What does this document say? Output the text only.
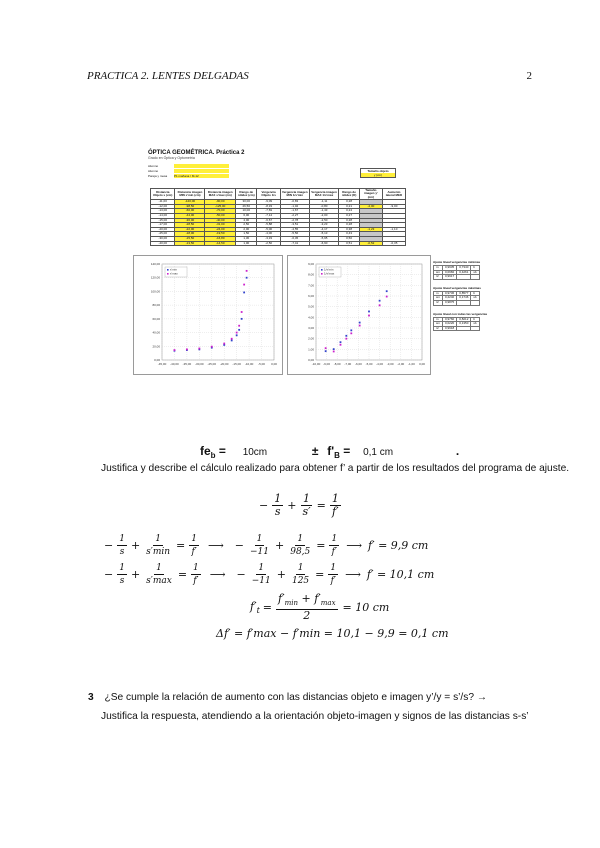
PRACTICA 2. LENTES DELGADAS	2
ÓPTICA GEOMÉTRICA. Práctica 2
Grado en Óptica y Optometría
Alumno
Alumno
Pareja y mesa	P1 mañana / M-12
Tamaño objeto
y (cm)
Distancia Objeto s (cm)	Distancia imagen MIN s'min (cm)	Distancia imagen MAX s'max (cm)	Rango de nitidez (cm)	Vergencia Objeto 1/s	Vergencia imagen MIN 1/s'min	Vergencia imagen MAX 1/s'max	Rango de nitidez (D)	Tamaño imagen y' (cm)	Aumento lateral MED
-11,00	-120,00	-90,00	30,00	-9,09	-0,83	-1,11	0,28		
-12,00	-98,50	-125,00	26,50	-8,33	-1,02	-0,80	0,21	-4,00	-9,00
-13,00	-60,00	-70,00	10,00	-7,69	-1,67	-1,43	0,24		
-14,00	-44,00	-50,00	6,00	-7,14	-2,27	-2,00	0,27		
-15,00	-36,00	-40,00	4,00	-6,67	-2,78	-2,50	0,28		
-17,00	-28,50	-31,00	2,50	-5,88	-3,51	-3,23	0,28		
-20,00	-22,00	-24,00	2,00	-5,00	-4,55	-4,17	0,38	-1,23	-1,10
-25,00	-18,00	-19,50	1,50	-4,00	-5,56	-5,13	0,43		
-30,00	-15,50	-16,80	1,30	-3,33	-6,45	-5,95	0,50		
-40,00	-13,50	-14,50	1,00	-2,50	-7,41	-6,90	0,51	-0,52	-0,35
0,00
20,00
40,00
60,00
80,00
100,00
120,00
140,00
-45,00 -40,00 -35,00 -30,00 -25,00 -20,00 -15,00 -10,00 -5,00 0,00
s'min
s'max
0,00
1,00
2,00
3,00
4,00
5,00
6,00
7,00
8,00
9,00
-10,00 -9,00 -8,00 -7,00 -6,00 -5,00 -4,00 -3,00 -2,00 -1,00 0,00
1/s'min
1/s'max
Ajuste lineal vergencias mínimas
m	0,9935	0,7340	b
sm	0,0982	0,4261	sb
r2	0,9917		
Ajuste lineal vergencias máximas
m	0,9736	0,8577	b
sm	0,2240	0,1746	sb
r2	0,9875		
Ajuste lineal con todas las vergencias
m	0,9760	0,8212	b
sm	0,0220	0,1350	sb
r2	0,9918		
$fe_b = 10cm$	± $f'_B = 0,1$ cm	.
Justifica y describe el cálculo realizado para obtener f’ a partir de los resultados del programa de ajuste.
− $\frac{1}{s} + \frac{1}{s'} = \frac{1}{f'}$
− $\frac{1}{s} + \frac{1}{s'\min} = \frac{1}{f'}$ ⟶ − $\frac{1}{-11} + \frac{1}{98,5} = \frac{1}{f'}$ ⟶ f′ = 9,9 cm
− $\frac{1}{s} + \frac{1}{s'\max} = \frac{1}{f'}$ ⟶ − $\frac{1}{-11} + \frac{1}{125} = \frac{1}{f'}$ ⟶ f′ = 10,1 cm
$f'_t = \frac{f'_{min} + f'_{max}}{2} = 10$ cm
Δf′ = f′max − f′min = 10,1 − 9,9 = 0,1 cm
3 ¿Se cumple la relación de aumento con las distancias objeto e imagen y’/y = s’/s? →
Justifica la respuesta, atendiendo a la orientación objeto-imagen y signos de las distancias s-s’
